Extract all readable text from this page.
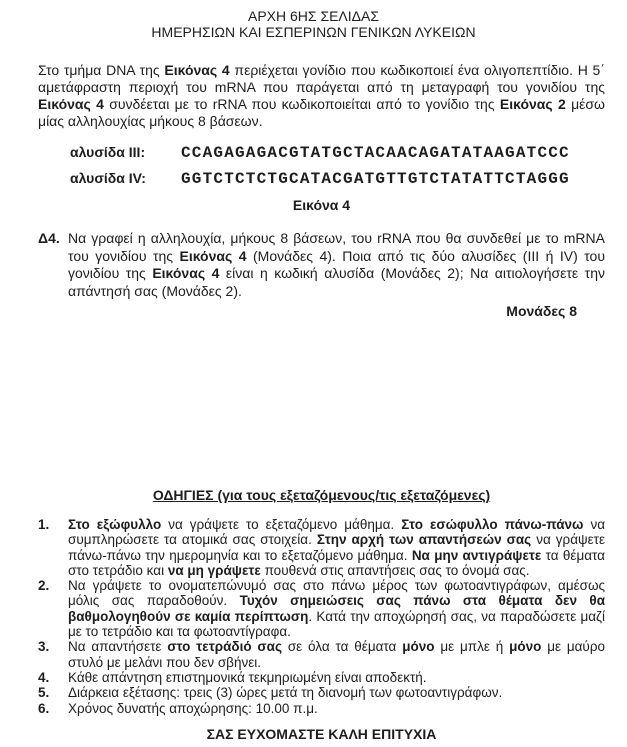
ΑΡΧΗ 6ΗΣ ΣΕΛΙΔΑΣ
ΗΜΕΡΗΣΙΩΝ ΚΑΙ ΕΣΠΕΡΙΝΩΝ ΓΕΝΙΚΩΝ ΛΥΚΕΙΩΝ

Στο τμήμα DNA της Εικόνας 4 περιέχεται γονίδιο που κωδικοποιεί ένα ολιγοπεπτίδιο. Η 5΄ αμετάφραστη περιοχή του mRNA που παράγεται από τη μεταγραφή του γονιδίου της Εικόνας 4 συνδέεται με το rRNA που κωδικοποιείται από το γονίδιο της Εικόνας 2 μέσω μίας αλληλουχίας μήκους 8 βάσεων.

αλυσίδα III:	CCAGAGAGACGTATGCTACAACAGATATAAGATCCC
αλυσίδα IV:	GGTCTCTCTGCATACGATGTTGTCTATATTCTAGGG
Εικόνα 4
Δ4. Να γραφεί η αλληλουχία, μήκους 8 βάσεων, του rRNA που θα συνδεθεί με το mRNA του γονιδίου της Εικόνας 4 (Μονάδες 4). Ποια από τις δύο αλυσίδες (III ή IV) του γονιδίου της Εικόνας 4 είναι η κωδική αλυσίδα (Μονάδες 2); Να αιτιολογήσετε την απάντησή σας (Μονάδες 2).
Μονάδες 8
ΟΔΗΓΙΕΣ (για τους εξεταζόμενους/τις εξεταζόμενες)
1.	Στο εξώφυλλο να γράψετε το εξεταζόμενο μάθημα. Στο εσώφυλλο πάνω-πάνω να συμπληρώσετε τα ατομικά σας στοιχεία. Στην αρχή των απαντήσεών σας να γράψετε πάνω-πάνω την ημερομηνία και το εξεταζόμενο μάθημα. Να μην αντιγράψετε τα θέματα στο τετράδιο και να μη γράψετε πουθενά στις απαντήσεις σας το όνομά σας.
2.	Να γράψετε το ονοματεπώνυμό σας στο πάνω μέρος των φωτοαντιγράφων, αμέσως μόλις σας παραδοθούν. Τυχόν σημειώσεις σας πάνω στα θέματα δεν θα βαθμολογηθούν σε καμία περίπτωση. Κατά την αποχώρησή σας, να παραδώσετε μαζί με το τετράδιο και τα φωτοαντίγραφα.
3.	Να απαντήσετε στο τετράδιό σας σε όλα τα θέματα μόνο με μπλε ή μόνο με μαύρο στυλό με μελάνι που δεν σβήνει.
4.	Κάθε απάντηση επιστημονικά τεκμηριωμένη είναι αποδεκτή.
5.	Διάρκεια εξέτασης: τρεις (3) ώρες μετά τη διανομή των φωτοαντιγράφων.
6.	Χρόνος δυνατής αποχώρησης: 10.00 π.μ.
ΣΑΣ ΕΥΧΟΜΑΣΤΕ ΚΑΛΗ ΕΠΙΤΥΧΙΑ
